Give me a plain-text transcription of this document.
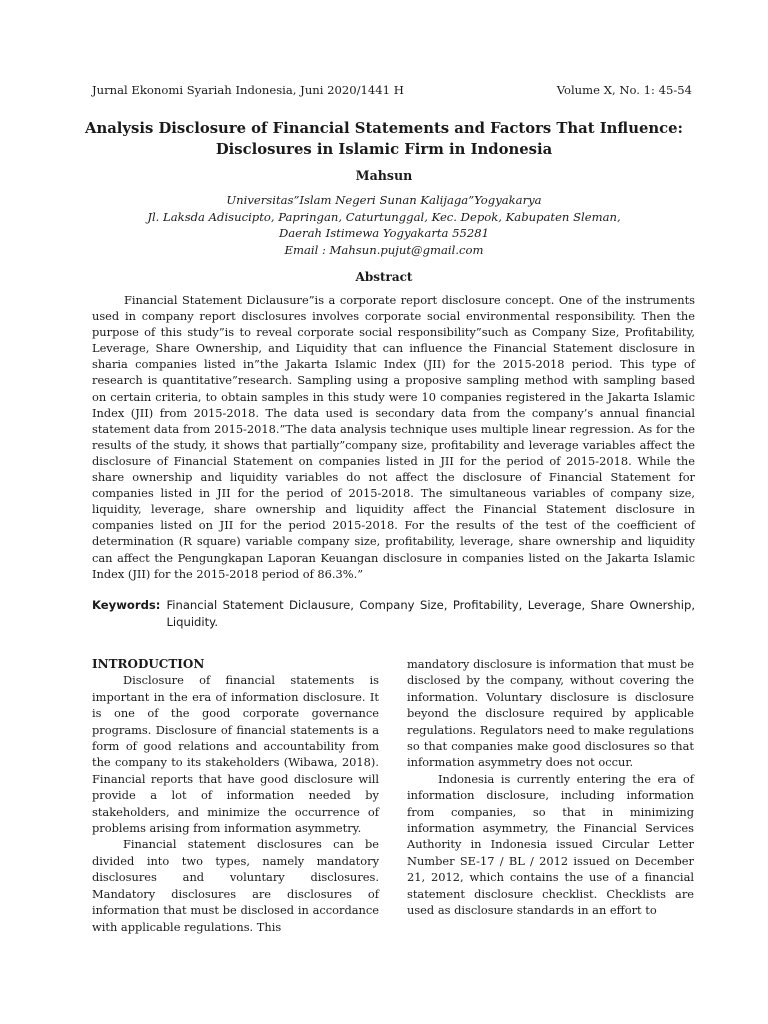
Jurnal Ekonomi Syariah Indonesia, Juni 2020/1441 H	Volume X, No. 1: 45-54
Analysis Disclosure of Financial Statements and Factors That Influence:
Disclosures in Islamic Firm in Indonesia
Mahsun
Universitas”Islam Negeri Sunan Kalijaga”Yogyakarya
Jl. Laksda Adisucipto, Papringan, Caturtunggal, Kec. Depok, Kabupaten Sleman,
Daerah Istimewa Yogyakarta 55281
Email : Mahsun.pujut@gmail.com
Abstract

Financial Statement Diclausure”is a corporate report disclosure concept. One of the instruments used in company report disclosures involves corporate social environmental responsibility. Then the purpose of this study”is to reveal corporate social responsibility”such as Company Size, Profitability, Leverage, Share Ownership, and Liquidity that can influence the Financial Statement disclosure in sharia companies listed in”the Jakarta Islamic Index (JII) for the 2015-2018 period. This type of research is quantitative”research. Sampling using a proposive sampling method with sampling based on certain criteria, to obtain samples in this study were 10 companies registered in the Jakarta Islamic Index (JII) from 2015-2018. The data used is secondary data from the company’s annual financial statement data from 2015-2018.”The data analysis technique uses multiple linear regression. As for the results of the study, it shows that partially”company size, profitability and leverage variables affect the disclosure of Financial Statement on companies listed in JII for the period of 2015-2018. While the share ownership and liquidity variables do not affect the disclosure of Financial Statement for companies listed in JII for the period of 2015-2018. The simultaneous variables of company size, liquidity, leverage, share ownership and liquidity affect the Financial Statement disclosure in companies listed on JII for the period 2015-2018. For the results of the test of the coefficient of determination (R square) variable company size, profitability, leverage, share ownership and liquidity can affect the Pengungkapan Laporan Keuangan disclosure in companies listed on the Jakarta Islamic Index (JII) for the 2015-2018 period of 86.3%.”

Keywords: Financial Statement Diclausure, Company Size, Profitability, Leverage, Share Ownership, Liquidity.
INTRODUCTION

Disclosure of financial statements is important in the era of information disclosure. It is one of the good corporate governance programs. Disclosure of financial statements is a form of good relations and accountability from the company to its stakeholders (Wibawa, 2018). Financial reports that have good disclosure will provide a lot of information needed by stakeholders, and minimize the occurrence of problems arising from information asymmetry.

Financial statement disclosures can be divided into two types, namely mandatory disclosures and voluntary disclosures. Mandatory disclosures are disclosures of information that must be disclosed in accordance with applicable regulations. This

mandatory disclosure is information that must be disclosed by the company, without covering the information. Voluntary disclosure is disclosure beyond the disclosure required by applicable regulations. Regulators need to make regulations so that companies make good disclosures so that information asymmetry does not occur.

Indonesia is currently entering the era of information disclosure, including information from companies, so that in minimizing information asymmetry, the Financial Services Authority in Indonesia issued Circular Letter Number SE-17 / BL / 2012 issued on December 21, 2012, which contains the use of a financial statement disclosure checklist. Checklists are used as disclosure standards in an effort to
